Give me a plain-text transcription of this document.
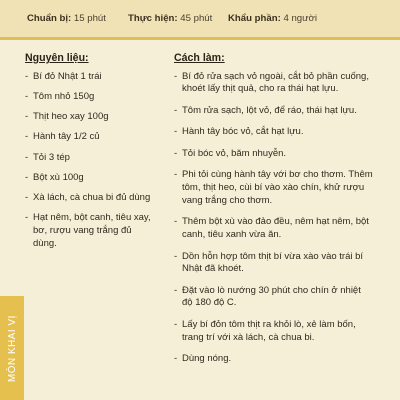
Chuẩn bị: 15 phút Thực hiện: 45 phút Khẩu phần: 4 người
Nguyên liệu:
- Bí đỏ Nhật 1 trái
- Tôm nhỏ 150g
- Thịt heo xay 100g
- Hành tây 1/2 củ
- Tỏi 3 tép
- Bột xù 100g
- Xà lách, cà chua bi đủ dùng
- Hạt nêm, bột canh, tiêu xay, bơ, rượu vang trắng đủ dùng.
Cách làm:
- Bí đỏ rửa sạch vỏ ngoài, cắt bỏ phần cuống, khoét lấy thịt quả, cho ra thái hạt lựu.
- Tôm rửa sạch, lột vỏ, để ráo, thái hạt lựu.
- Hành tây bóc vỏ, cắt hạt lựu.
- Tỏi bóc vỏ, băm nhuyễn.
- Phi tỏi cùng hành tây với bơ cho thơm. Thêm tôm, thịt heo, cùi bí vào xào chín, khử rượu vang trắng cho thơm.
- Thêm bột xù vào đảo đều, nêm hạt nêm, bột canh, tiêu xanh vừa ăn.
- Dồn hỗn hợp tôm thịt bí vừa xào vào trái bí Nhật đã khoét.
- Đặt vào lò nướng 30 phút cho chín ở nhiệt độ 180 độ C.
- Lấy bí đỏn tôm thịt ra khỏi lò, xẻ làm bốn, trang trí với xà lách, cà chua bi.
- Dùng nóng.
MÓN KHAI VỊ
